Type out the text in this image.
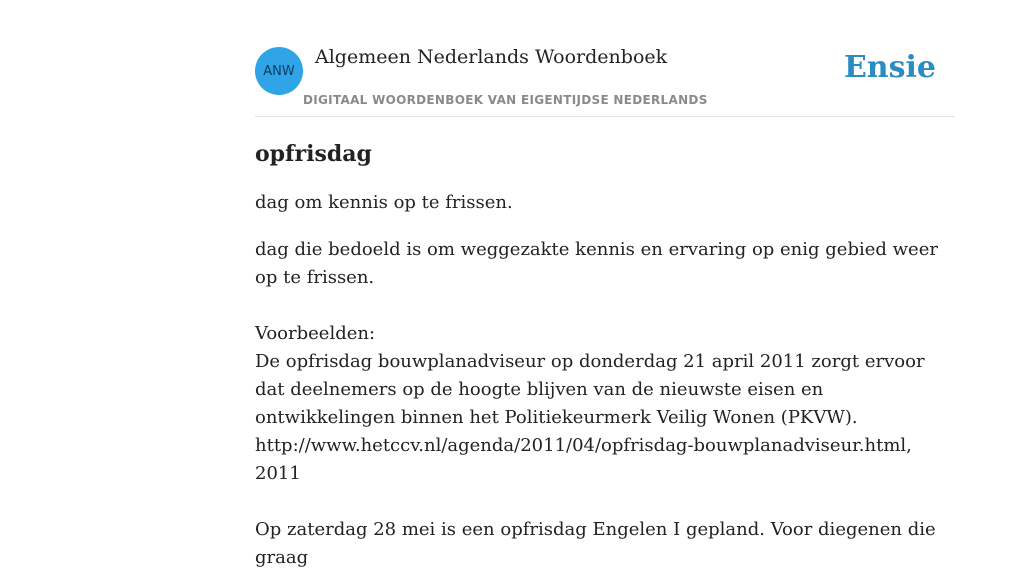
ANW
Algemeen Nederlands Woordenboek
DIGITAAL WOORDENBOEK VAN EIGENTIJDSE NEDERLANDS
Ensie
opfrisdag

dag om kennis op te frissen.

dag die bedoeld is om weggezakte kennis en ervaring op enig gebied weer op te frissen.

Voorbeelden:

De opfrisdag bouwplanadviseur op donderdag 21 april 2011 zorgt ervoor dat deelnemers op de hoogte blijven van de nieuwste eisen en ontwikkelingen binnen het Politiekeurmerk Veilig Wonen (PKVW).

http://www.hetccv.nl/agenda/2011/04/opfrisdag-bouwplanadviseur.html, 2011

Op zaterdag 28 mei is een opfrisdag Engelen I gepland. Voor diegenen die graag
